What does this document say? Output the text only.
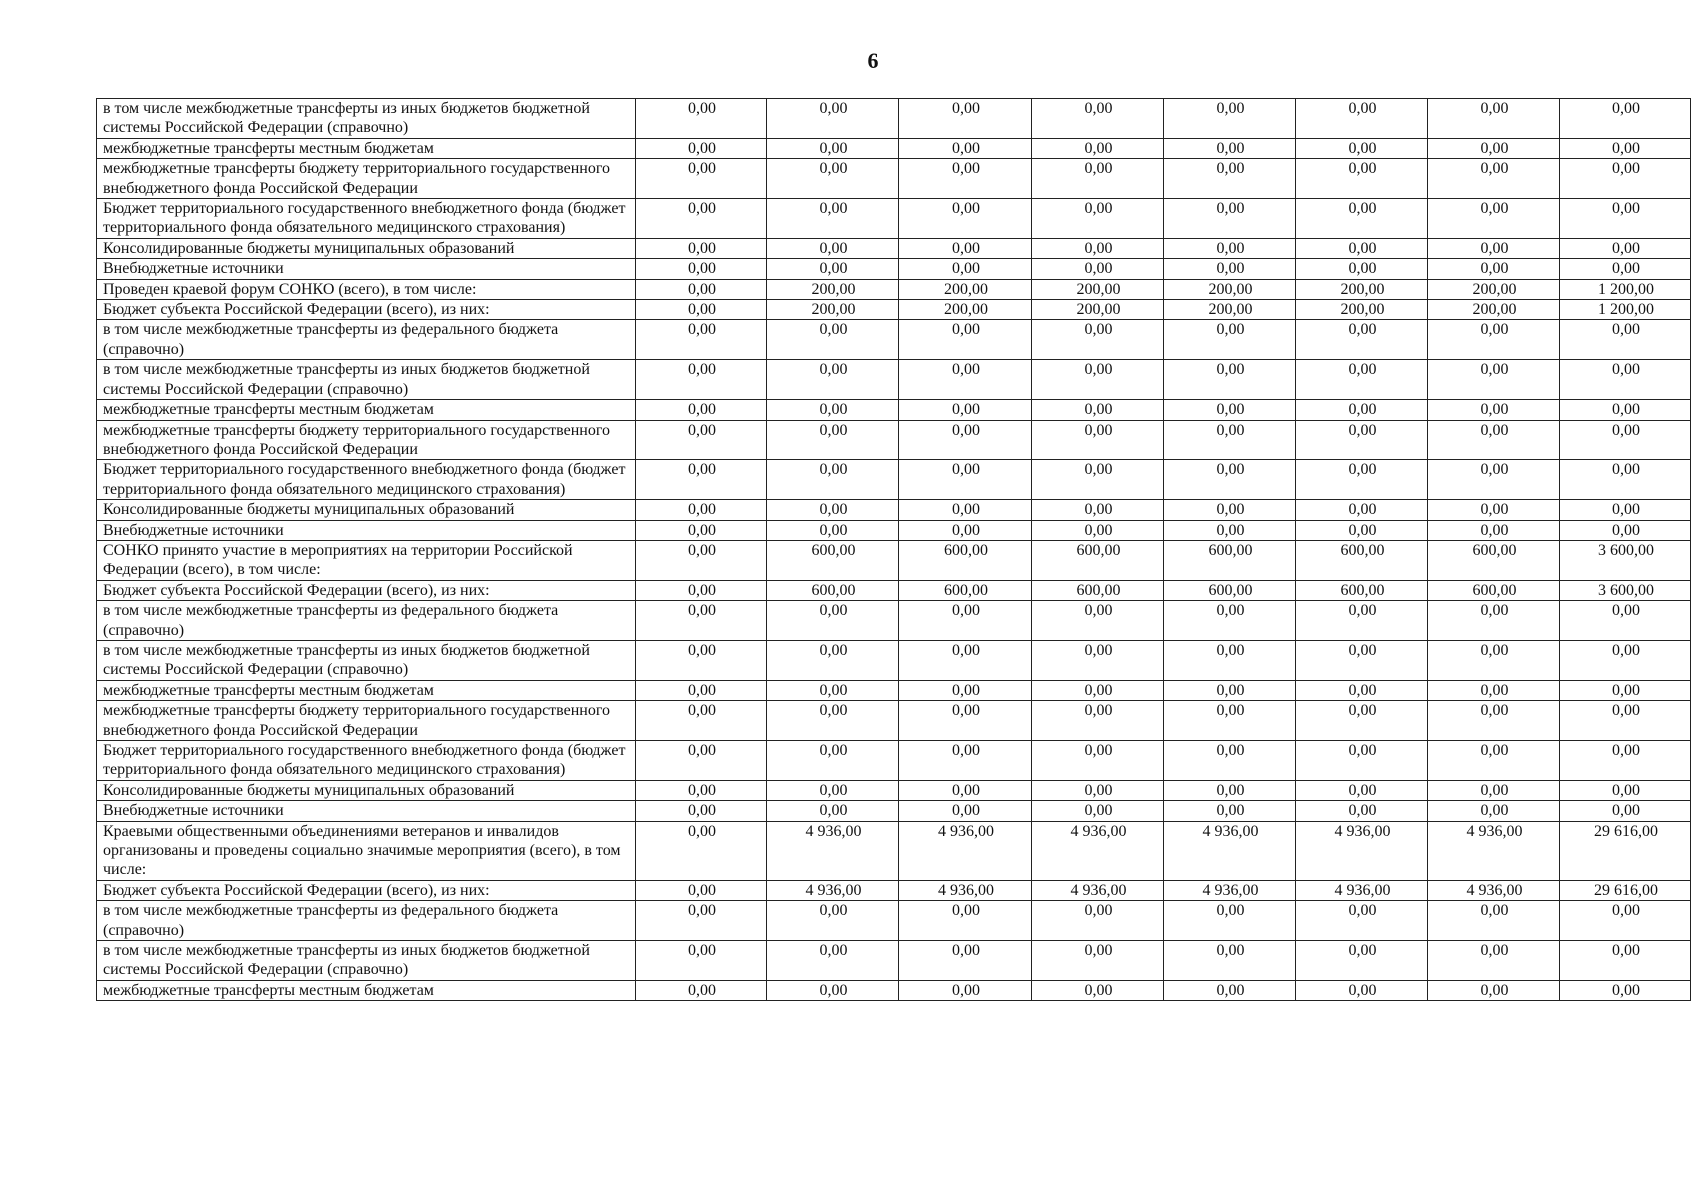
6
в том числе межбюджетные трансферты из иных бюджетов бюджетной системы Российской Федерации (справочно)	0,00	0,00	0,00	0,00	0,00	0,00	0,00	0,00
межбюджетные трансферты местным бюджетам	0,00	0,00	0,00	0,00	0,00	0,00	0,00	0,00
межбюджетные трансферты бюджету территориального государственного внебюджетного фонда Российской Федерации	0,00	0,00	0,00	0,00	0,00	0,00	0,00	0,00
Бюджет территориального государственного внебюджетного фонда (бюджет территориального фонда обязательного медицинского страхования)	0,00	0,00	0,00	0,00	0,00	0,00	0,00	0,00
Консолидированные бюджеты муниципальных образований	0,00	0,00	0,00	0,00	0,00	0,00	0,00	0,00
Внебюджетные источники	0,00	0,00	0,00	0,00	0,00	0,00	0,00	0,00
Проведен краевой форум СОНКО (всего), в том числе:	0,00	200,00	200,00	200,00	200,00	200,00	200,00	1 200,00
Бюджет субъекта Российской Федерации (всего), из них:	0,00	200,00	200,00	200,00	200,00	200,00	200,00	1 200,00
в том числе межбюджетные трансферты из федерального бюджета (справочно)	0,00	0,00	0,00	0,00	0,00	0,00	0,00	0,00
в том числе межбюджетные трансферты из иных бюджетов бюджетной системы Российской Федерации (справочно)	0,00	0,00	0,00	0,00	0,00	0,00	0,00	0,00
межбюджетные трансферты местным бюджетам	0,00	0,00	0,00	0,00	0,00	0,00	0,00	0,00
межбюджетные трансферты бюджету территориального государственного внебюджетного фонда Российской Федерации	0,00	0,00	0,00	0,00	0,00	0,00	0,00	0,00
Бюджет территориального государственного внебюджетного фонда (бюджет территориального фонда обязательного медицинского страхования)	0,00	0,00	0,00	0,00	0,00	0,00	0,00	0,00
Консолидированные бюджеты муниципальных образований	0,00	0,00	0,00	0,00	0,00	0,00	0,00	0,00
Внебюджетные источники	0,00	0,00	0,00	0,00	0,00	0,00	0,00	0,00
СОНКО принято участие в мероприятиях на территории Российской Федерации (всего), в том числе:	0,00	600,00	600,00	600,00	600,00	600,00	600,00	3 600,00
Бюджет субъекта Российской Федерации (всего), из них:	0,00	600,00	600,00	600,00	600,00	600,00	600,00	3 600,00
в том числе межбюджетные трансферты из федерального бюджета (справочно)	0,00	0,00	0,00	0,00	0,00	0,00	0,00	0,00
в том числе межбюджетные трансферты из иных бюджетов бюджетной системы Российской Федерации (справочно)	0,00	0,00	0,00	0,00	0,00	0,00	0,00	0,00
межбюджетные трансферты местным бюджетам	0,00	0,00	0,00	0,00	0,00	0,00	0,00	0,00
межбюджетные трансферты бюджету территориального государственного внебюджетного фонда Российской Федерации	0,00	0,00	0,00	0,00	0,00	0,00	0,00	0,00
Бюджет территориального государственного внебюджетного фонда (бюджет территориального фонда обязательного медицинского страхования)	0,00	0,00	0,00	0,00	0,00	0,00	0,00	0,00
Консолидированные бюджеты муниципальных образований	0,00	0,00	0,00	0,00	0,00	0,00	0,00	0,00
Внебюджетные источники	0,00	0,00	0,00	0,00	0,00	0,00	0,00	0,00
Краевыми общественными объединениями ветеранов и инвалидов организованы и проведены социально значимые мероприятия (всего), в том числе:	0,00	4 936,00	4 936,00	4 936,00	4 936,00	4 936,00	4 936,00	29 616,00
Бюджет субъекта Российской Федерации (всего), из них:	0,00	4 936,00	4 936,00	4 936,00	4 936,00	4 936,00	4 936,00	29 616,00
в том числе межбюджетные трансферты из федерального бюджета (справочно)	0,00	0,00	0,00	0,00	0,00	0,00	0,00	0,00
в том числе межбюджетные трансферты из иных бюджетов бюджетной системы Российской Федерации (справочно)	0,00	0,00	0,00	0,00	0,00	0,00	0,00	0,00
межбюджетные трансферты местным бюджетам	0,00	0,00	0,00	0,00	0,00	0,00	0,00	0,00
